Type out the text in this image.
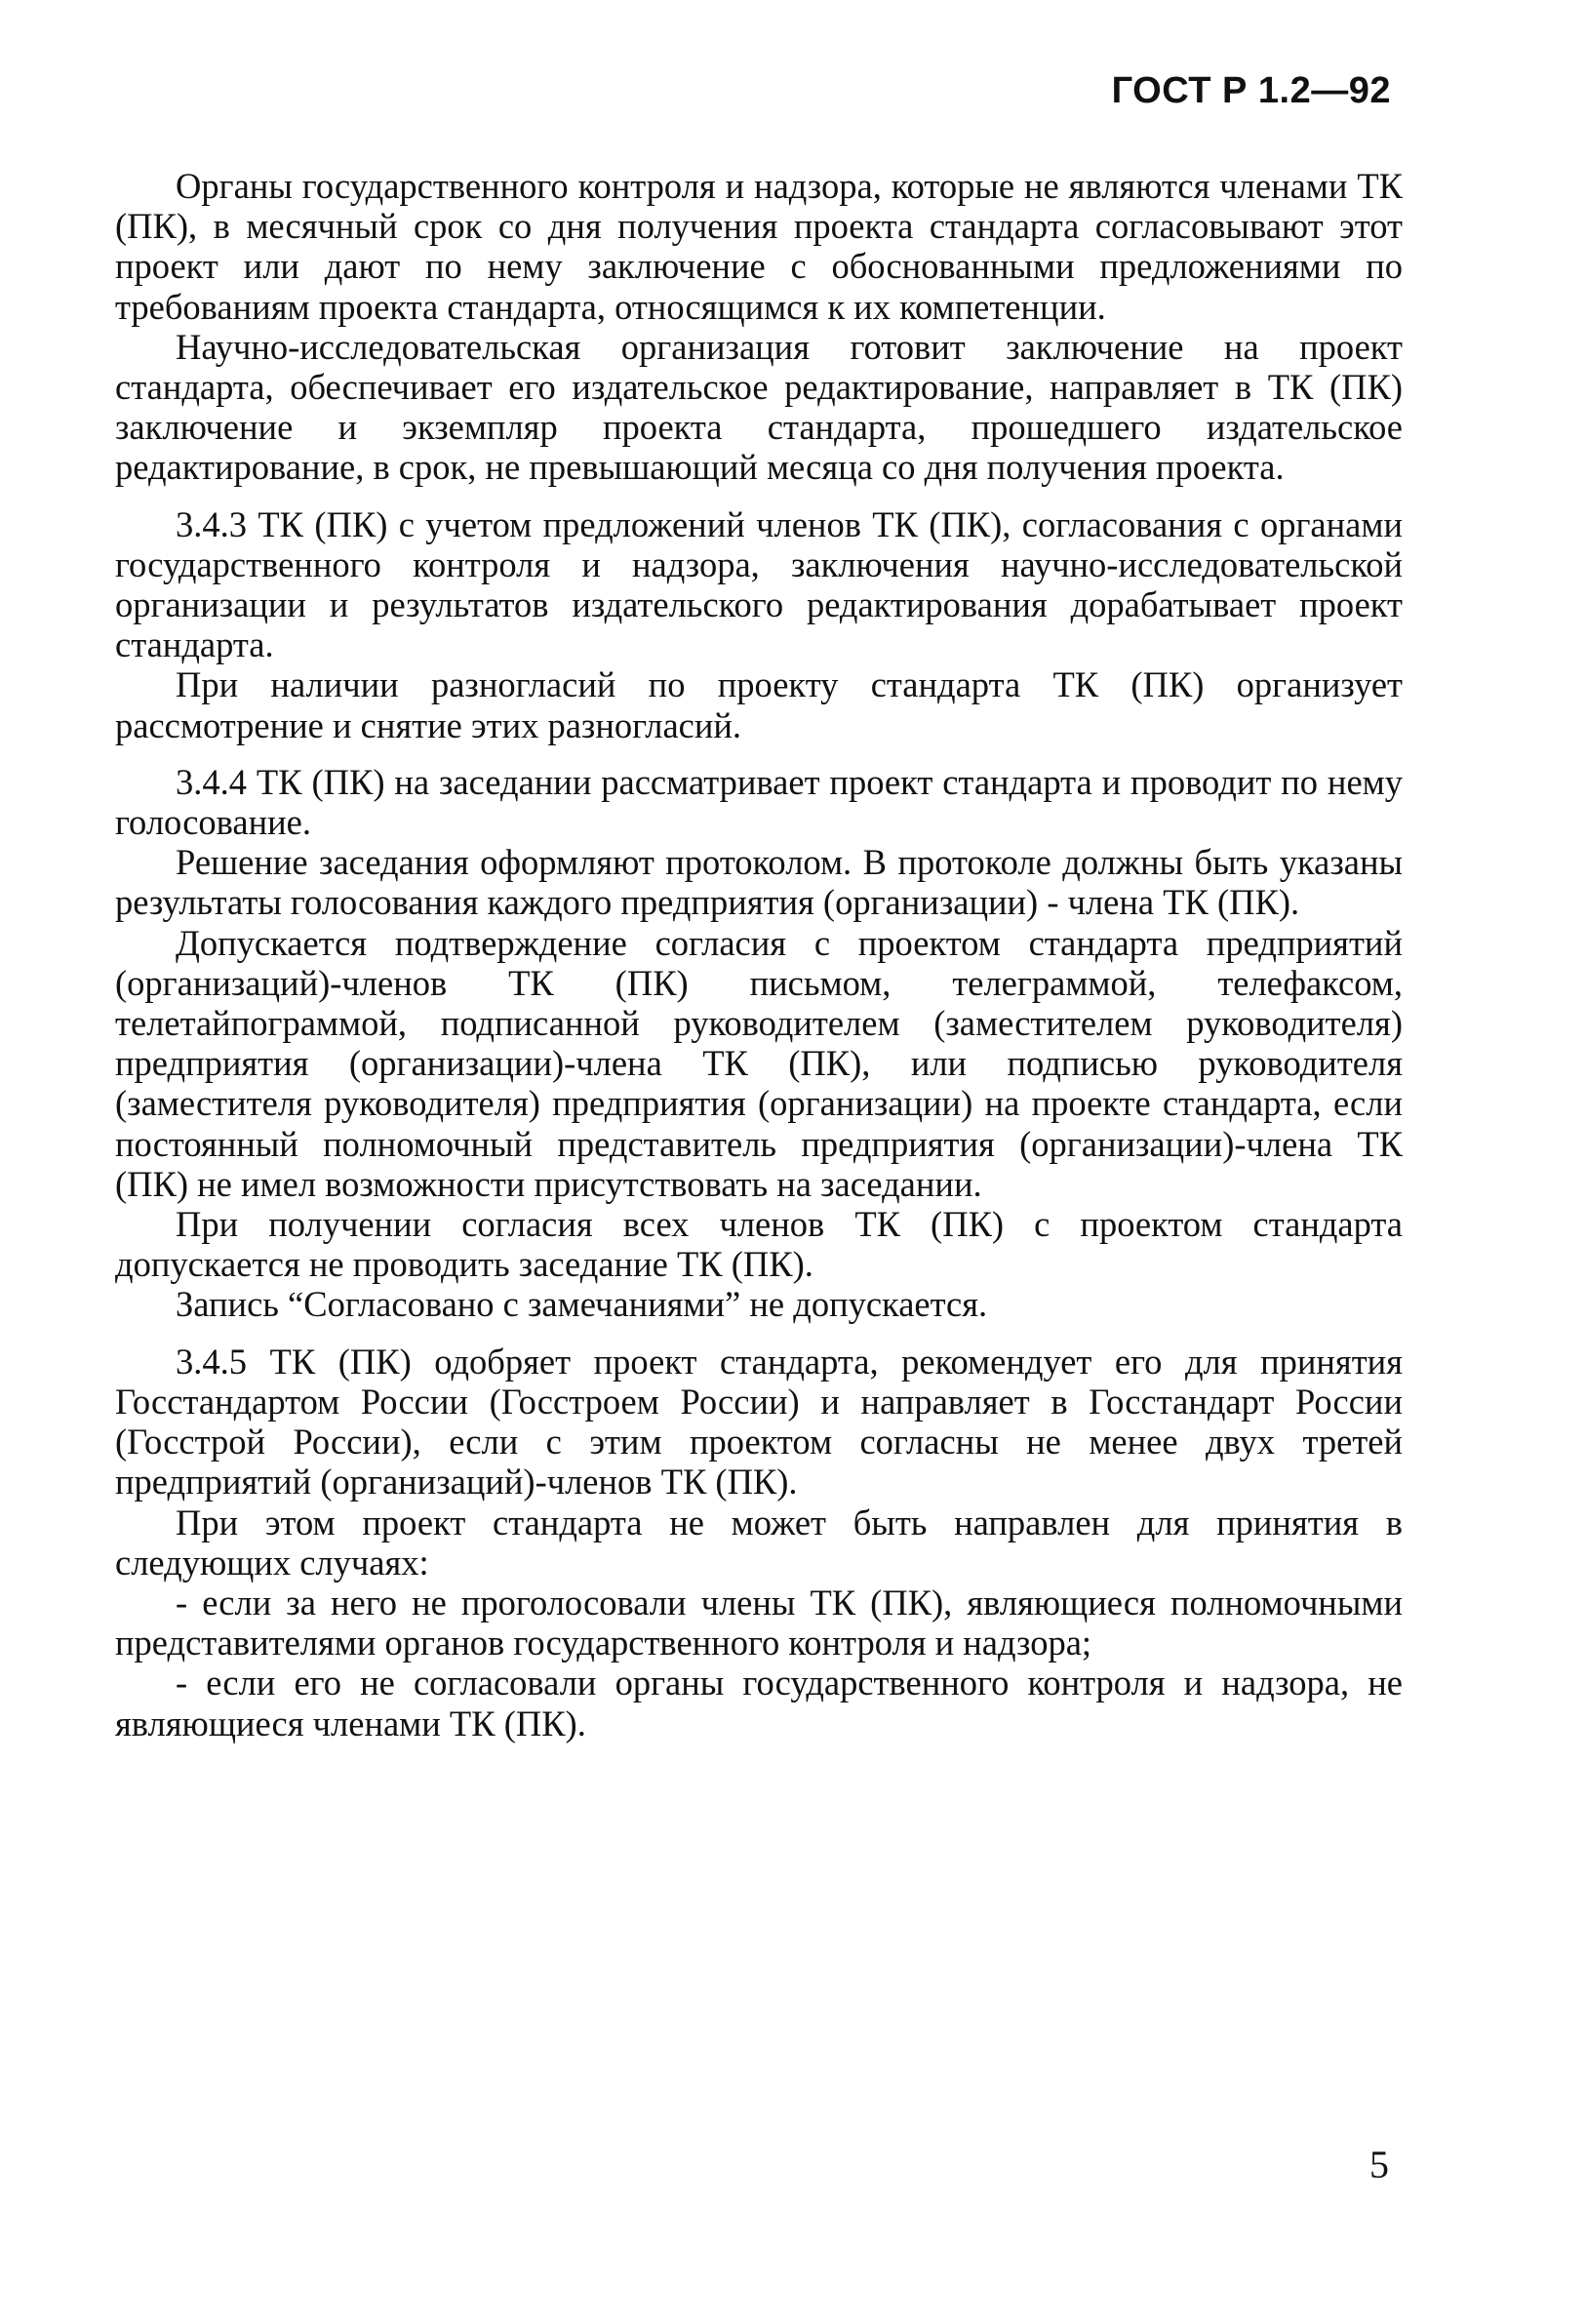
ГОСТ Р 1.2—92

Органы государственного контроля и надзора, которые не являются членами ТК (ПК), в месячный срок со дня получения проекта стандарта согласовывают этот проект или дают по нему заключение с обоснованными предложениями по требованиям проекта стандарта, относящимся к их компетенции.

Научно-исследовательская организация готовит заключение на проект стандарта, обеспечивает его издательское редактирование, направляет в ТК (ПК) заключение и экземпляр проекта стандарта, прошедшего издательское редактирование, в срок, не превышающий месяца со дня получения проекта.

3.4.3 ТК (ПК) с учетом предложений членов ТК (ПК), согласования с органами государственного контроля и надзора, заключения научно-исследовательской организации и результатов издательского редактирования дорабатывает проект стандарта.

При наличии разногласий по проекту стандарта ТК (ПК) организует рассмотрение и снятие этих разногласий.

3.4.4 ТК (ПК) на заседании рассматривает проект стандарта и проводит по нему голосование.

Решение заседания оформляют протоколом. В протоколе должны быть указаны результаты голосования каждого предприятия (организации) - члена ТК (ПК).

Допускается подтверждение согласия с проектом стандарта предприятий (организаций)-членов ТК (ПК) письмом, телеграммой, телефаксом, телетайпограммой, подписанной руководителем (заместителем руководителя) предприятия (организации)-члена ТК (ПК), или подписью руководителя (заместителя руководителя) предприятия (организации) на проекте стандарта, если постоянный полномочный представитель предприятия (организации)-члена ТК (ПК) не имел возможности присутствовать на заседании.

При получении согласия всех членов ТК (ПК) с проектом стандарта допускается не проводить заседание ТК (ПК).

Запись “Согласовано с замечаниями” не допускается.

3.4.5 ТК (ПК) одобряет проект стандарта, рекомендует его для принятия Госстандартом России (Госстроем России) и направляет в Госстандарт России (Госстрой России), если с этим проектом согласны не менее двух третей предприятий (организаций)-членов ТК (ПК).

При этом проект стандарта не может быть направлен для принятия в следующих случаях:

- если за него не проголосовали члены ТК (ПК), являющиеся полномочными представителями органов государственного контроля и надзора;

- если его не согласовали органы государственного контроля и надзора, не являющиеся членами ТК (ПК).

5
